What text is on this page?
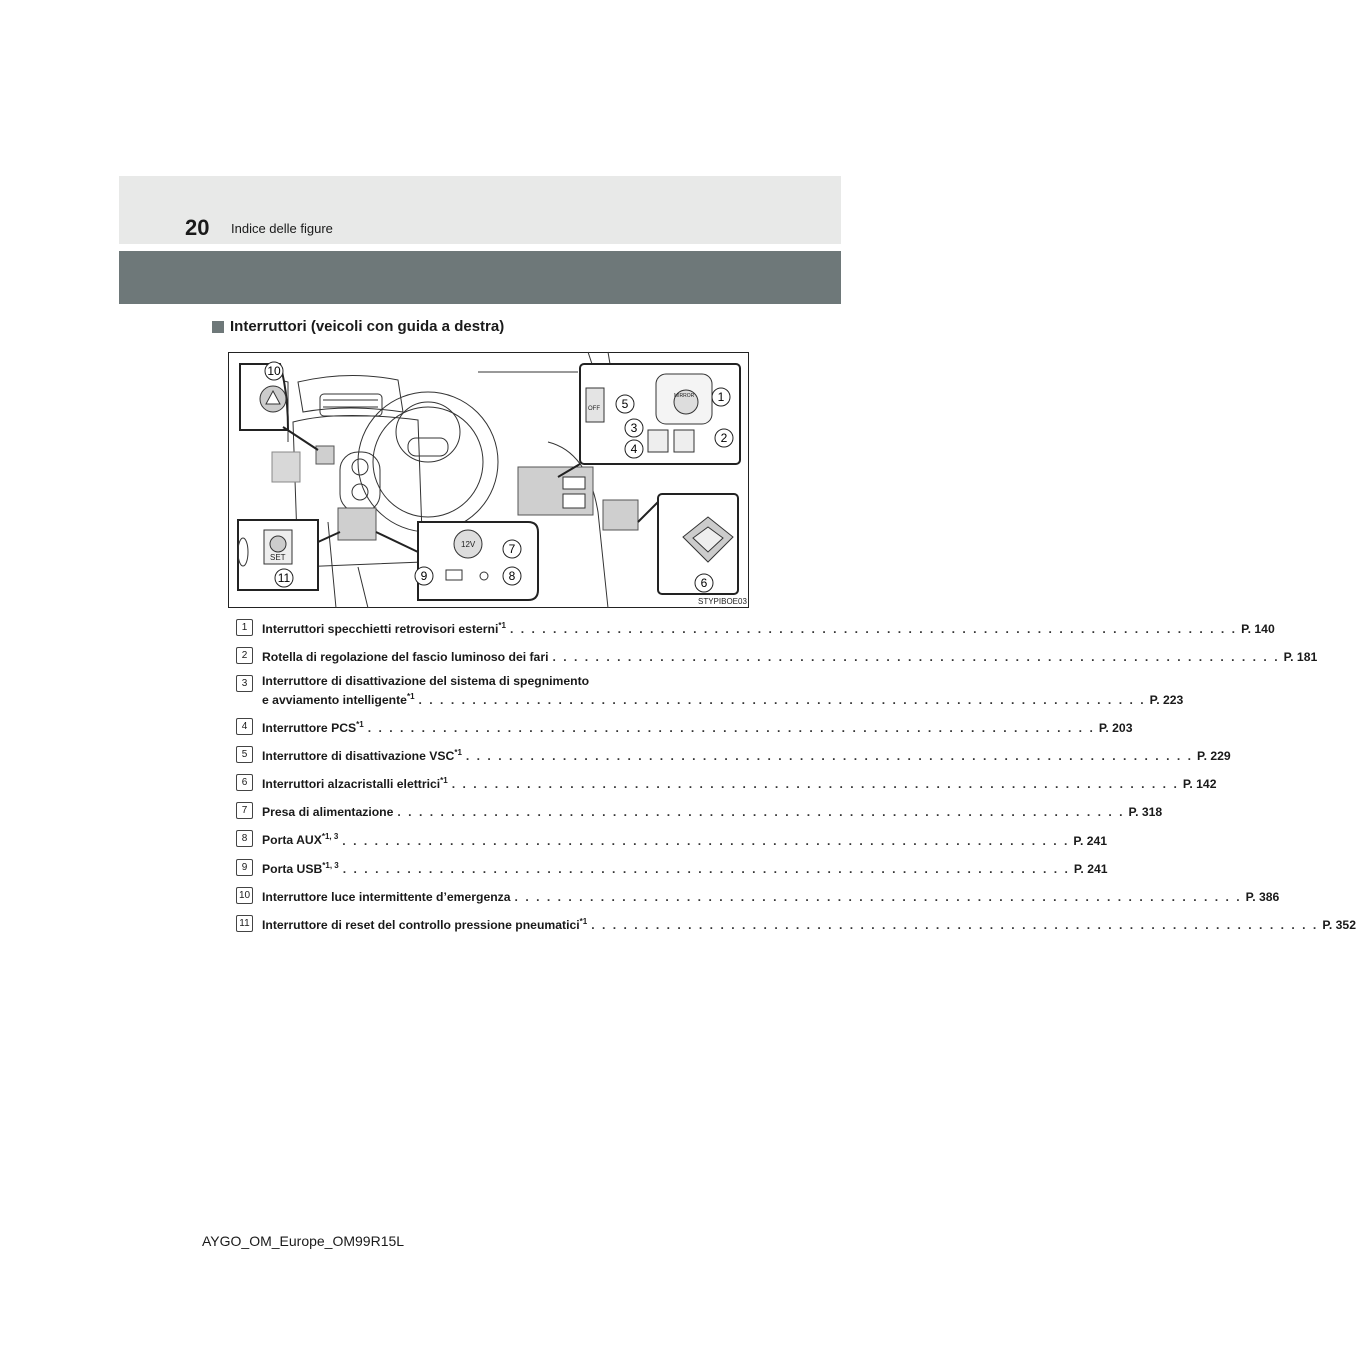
20 Indice delle figure
Interruttori (veicoli con guida a destra)
SET
12V
OFF
MIRROR
10
11
1
2
3
4
5
6
7
8
9
STYPIBOE03
1	Interruttori specchietti retrovisori esterni$^{*1}$ . . .	P. 140
2	Rotella di regolazione del fascio luminoso dei fari . . .	P. 181
3	Interruttore di disattivazione del sistema di spegnimento
e avviamento intelligente$^{*1}$ . . .	P. 223
4	Interruttore PCS$^{*1}$ . . .	P. 203
5	Interruttore di disattivazione VSC$^{*1}$ . . .	P. 229
6	Interruttori alzacristalli elettrici$^{*1}$ . . .	P. 142
7	Presa di alimentazione . . .	P. 318
8	Porta AUX$^{*1, 3}$ . . .	P. 241
9	Porta USB$^{*1, 3}$ . . .	P. 241
10 Interruttore luce intermittente d’emergenza . . .	P. 386
11 Interruttore di reset del controllo pressione pneumatici$^{*1}$ . . .	P. 352
AYGO_OM_Europe_OM99R15L
